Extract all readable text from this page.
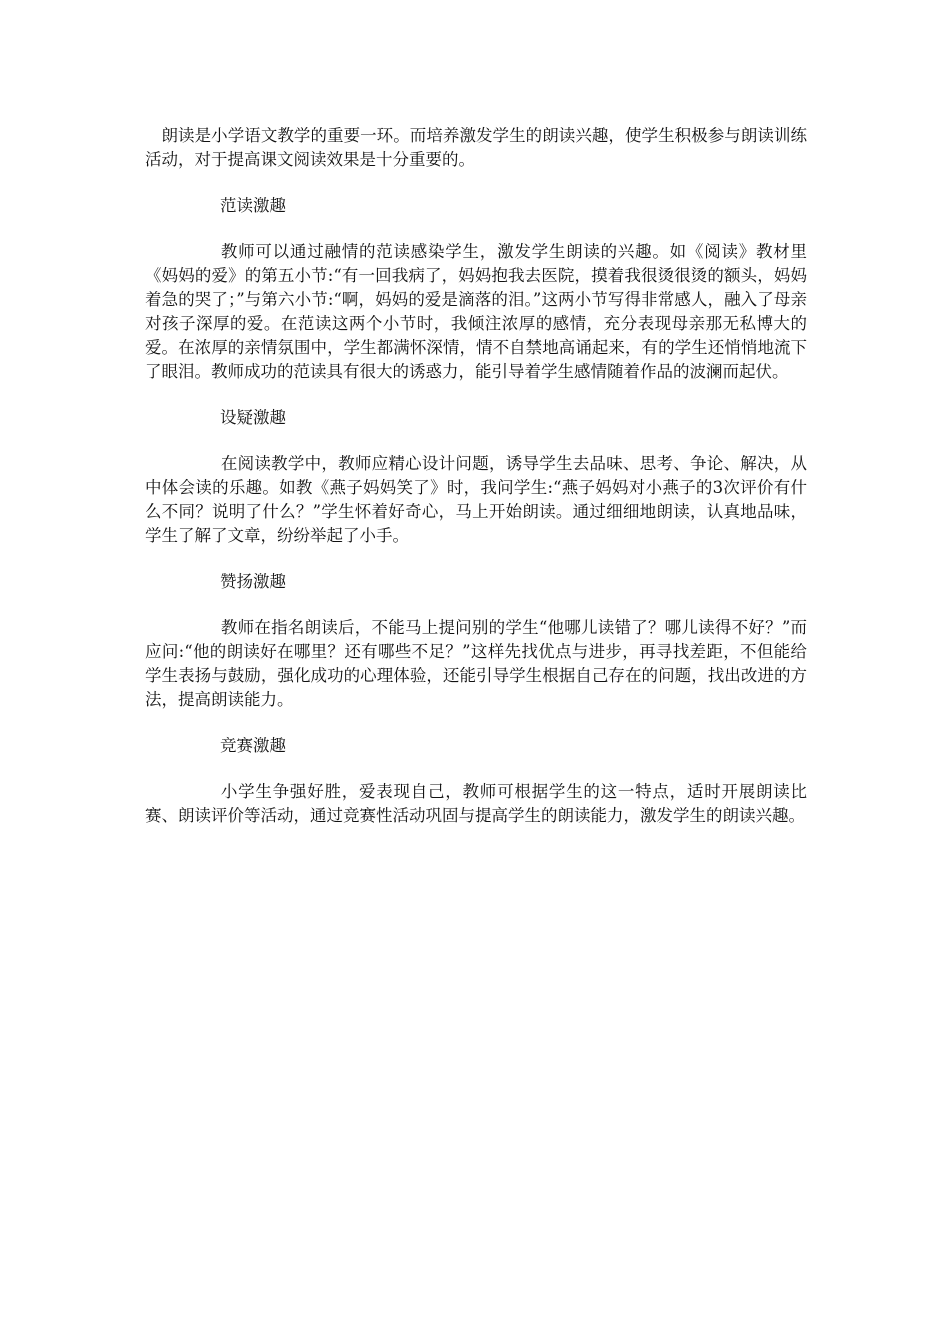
朗读是小学语文教学的重要一环。而培养激发学生的朗读兴趣，使学生积极参与朗读训练活动，对于提高课文阅读效果是十分重要的。

范读激趣

教师可以通过融情的范读感染学生，激发学生朗读的兴趣。如《阅读》教材里《妈妈的爱》的第五小节:“有一回我病了，妈妈抱我去医院，摸着我很烫很烫的额头，妈妈着急的哭了；”与第六小节:“啊，妈妈的爱是滴落的泪。”这两小节写得非常感人，融入了母亲对孩子深厚的爱。在范读这两个小节时，我倾注浓厚的感情，充分表现母亲那无私博大的爱。在浓厚的亲情氛围中，学生都满怀深情，情不自禁地高诵起来，有的学生还悄悄地流下了眼泪。教师成功的范读具有很大的诱惑力，能引导着学生感情随着作品的波澜而起伏。

设疑激趣

在阅读教学中，教师应精心设计问题，诱导学生去品味、思考、争论、解决，从中体会读的乐趣。如教《燕子妈妈笑了》时，我问学生:“燕子妈妈对小燕子的3次评价有什么不同？说明了什么？”学生怀着好奇心，马上开始朗读。通过细细地朗读，认真地品味，学生了解了文章，纷纷举起了小手。

赞扬激趣

教师在指名朗读后，不能马上提问别的学生“他哪儿读错了？哪儿读得不好？”而应问:“他的朗读好在哪里？还有哪些不足？”这样先找优点与进步，再寻找差距，不但能给学生表扬与鼓励，强化成功的心理体验，还能引导学生根据自己存在的问题，找出改进的方法，提高朗读能力。

竞赛激趣

小学生争强好胜，爱表现自己，教师可根据学生的这一特点，适时开展朗读比赛、朗读评价等活动，通过竞赛性活动巩固与提高学生的朗读能力，激发学生的朗读兴趣。
